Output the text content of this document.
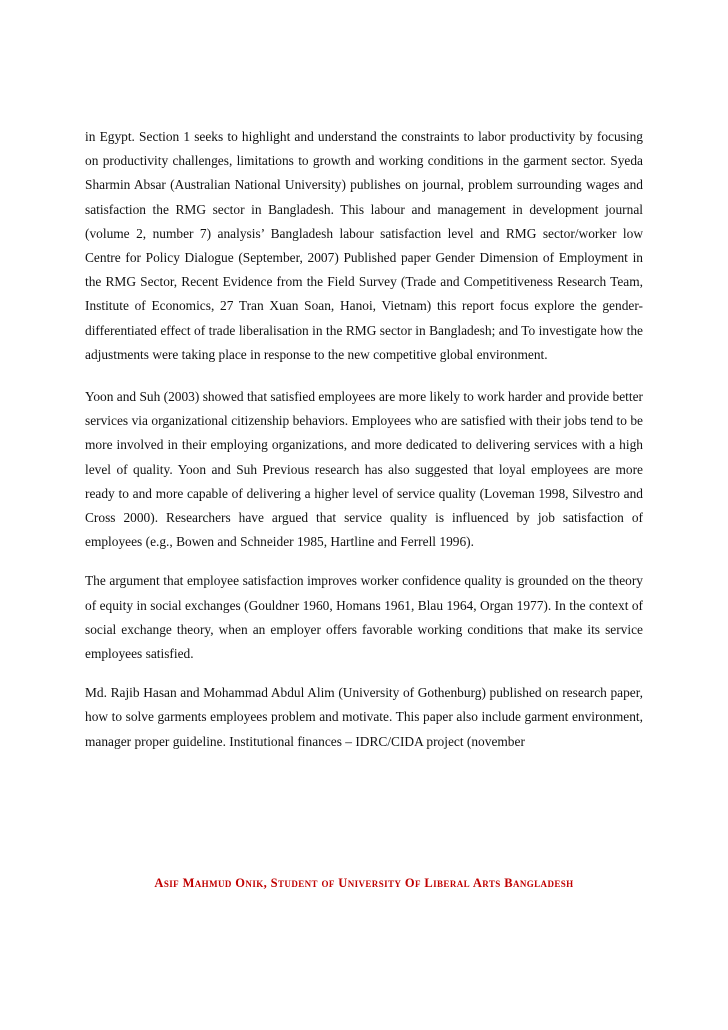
in Egypt. Section 1 seeks to highlight and understand the constraints to labor productivity by focusing on productivity challenges, limitations to growth and working conditions in the garment sector. Syeda Sharmin Absar (Australian National University) publishes on journal, problem surrounding wages and satisfaction the RMG sector in Bangladesh. This labour and management in development journal (volume 2, number 7) analysis’ Bangladesh labour satisfaction level and RMG sector/worker low Centre for Policy Dialogue (September, 2007) Published paper Gender Dimension of Employment in the RMG Sector, Recent Evidence from the Field Survey (Trade and Competitiveness Research Team, Institute of Economics, 27 Tran Xuan Soan, Hanoi, Vietnam) this report focus explore the gender-differentiated effect of trade liberalisation in the RMG sector in Bangladesh; and To investigate how the adjustments were taking place in response to the new competitive global environment.

Yoon and Suh (2003) showed that satisfied employees are more likely to work harder and provide better services via organizational citizenship behaviors. Employees who are satisfied with their jobs tend to be more involved in their employing organizations, and more dedicated to delivering services with a high level of quality. Yoon and Suh Previous research has also suggested that loyal employees are more ready to and more capable of delivering a higher level of service quality (Loveman 1998, Silvestro and Cross 2000). Researchers have argued that service quality is influenced by job satisfaction of employees (e.g., Bowen and Schneider 1985, Hartline and Ferrell 1996).

The argument that employee satisfaction improves worker confidence quality is grounded on the theory of equity in social exchanges (Gouldner 1960, Homans 1961, Blau 1964, Organ 1977). In the context of social exchange theory, when an employer offers favorable working conditions that make its service employees satisfied.

Md. Rajib Hasan and Mohammad Abdul Alim (University of Gothenburg) published on research paper, how to solve garments employees problem and motivate. This paper also include garment environment, manager proper guideline. Institutional finances – IDRC/CIDA project (november

Asif Mahmud Onik, Student of University Of Liberal Arts Bangladesh
